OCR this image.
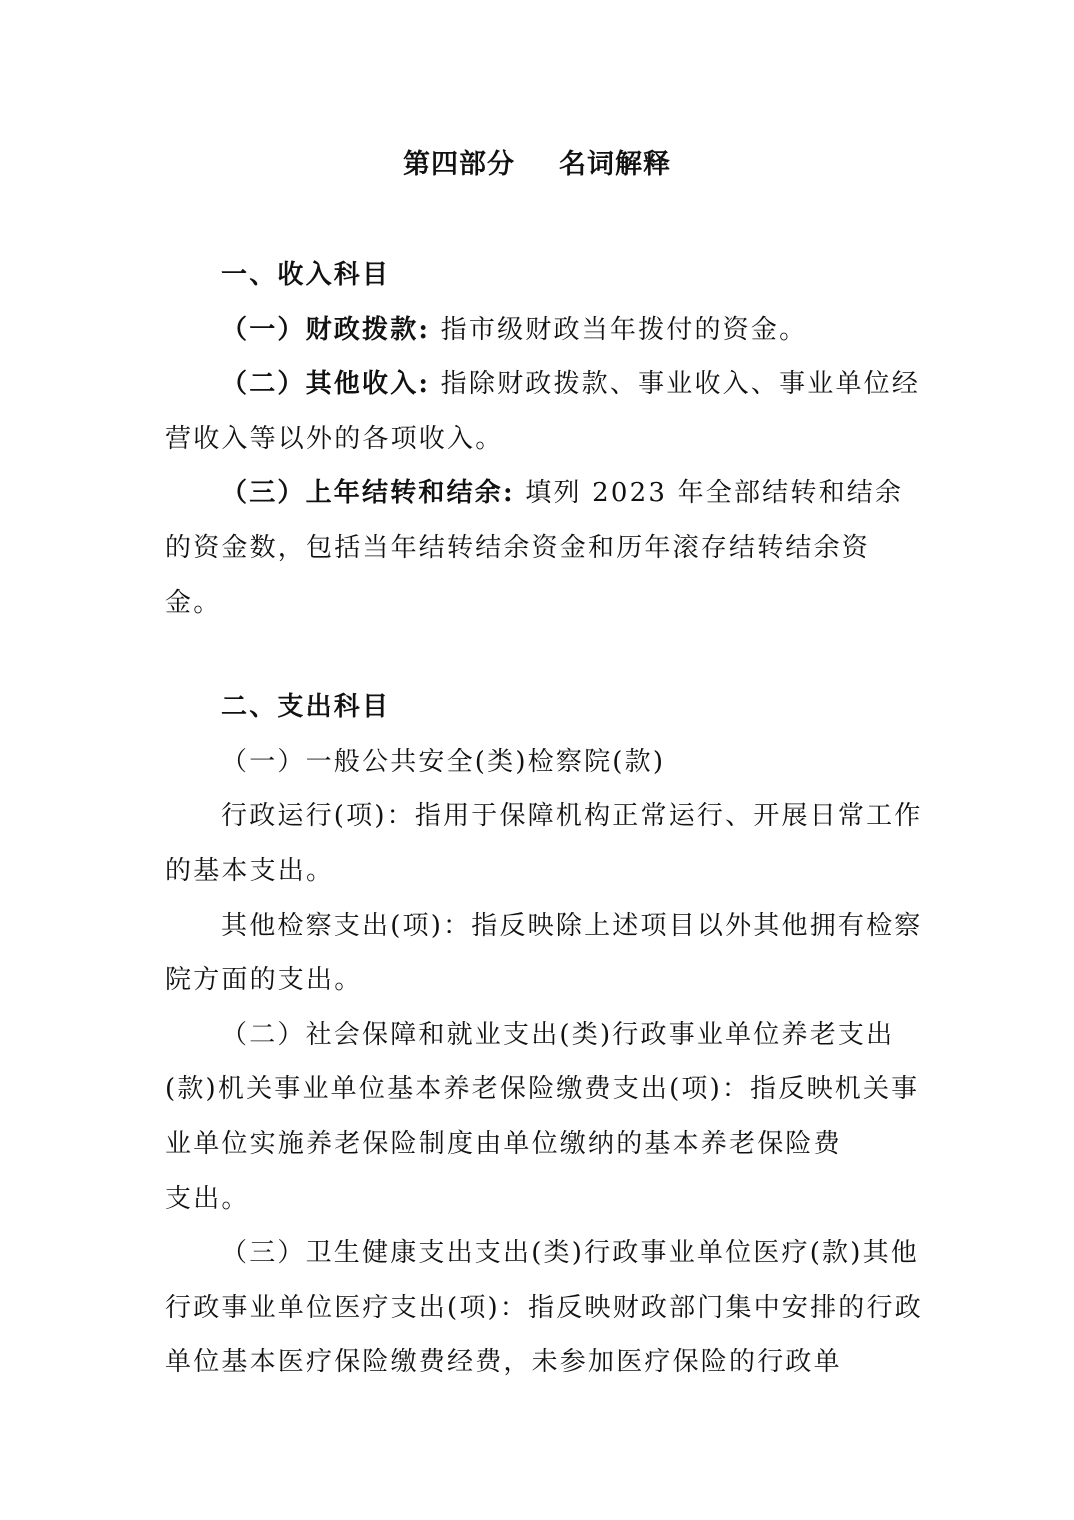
第四部分 名词解释

一、收入科目

（一）财政拨款: 指市级财政当年拨付的资金。

（二）其他收入: 指除财政拨款、事业收入、事业单位经营收入等以外的各项收入。

（三）上年结转和结余: 填列 2023 年全部结转和结余的资金数，包括当年结转结余资金和历年滚存结转结余资金。

二、支出科目

（一）一般公共安全(类)检察院(款)

行政运行(项)：指用于保障机构正常运行、开展日常工作的基本支出。

其他检察支出(项)：指反映除上述项目以外其他拥有检察院方面的支出。

（二）社会保障和就业支出(类)行政事业单位养老支出(款)机关事业单位基本养老保险缴费支出(项)：指反映机关事业单位实施养老保险制度由单位缴纳的基本养老保险费

支出。

（三）卫生健康支出支出(类)行政事业单位医疗(款)其他行政事业单位医疗支出(项)：指反映财政部门集中安排的行政单位基本医疗保险缴费经费，未参加医疗保险的行政单
